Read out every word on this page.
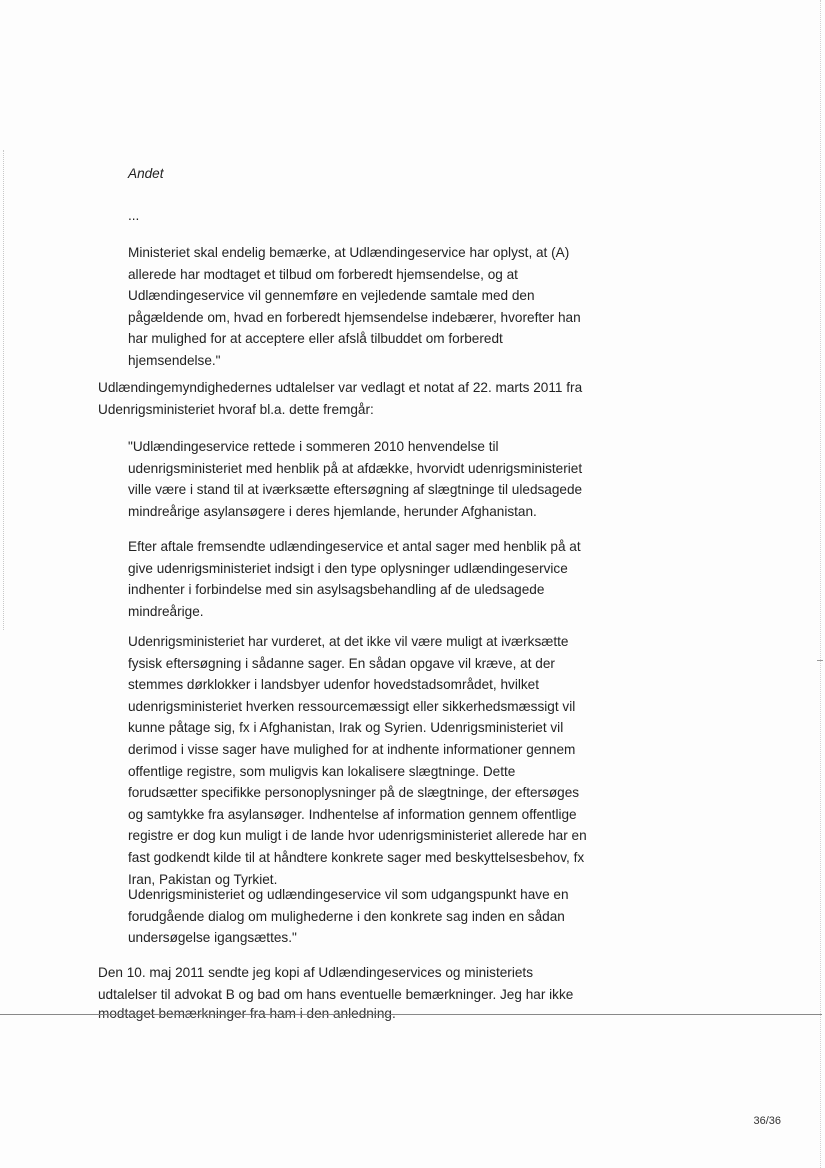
Andet

...

Ministeriet skal endelig bemærke, at Udlændingeservice har oplyst, at (A) allerede har modtaget et tilbud om forberedt hjemsendelse, og at Udlændingeservice vil gennemføre en vejledende samtale med den pågældende om, hvad en forberedt hjemsendelse indebærer, hvorefter han har mulighed for at acceptere eller afslå tilbuddet om forberedt hjemsendelse."

Udlændingemyndighedernes udtalelser var vedlagt et notat af 22. marts 2011 fra Udenrigsministeriet hvoraf bl.a. dette fremgår:

"Udlændingeservice rettede i sommeren 2010 henvendelse til udenrigsministeriet med henblik på at afdække, hvorvidt udenrigsministeriet ville være i stand til at iværksætte eftersøgning af slægtninge til uledsagede mindreårige asylansøgere i deres hjemlande, herunder Afghanistan.

Efter aftale fremsendte udlændingeservice et antal sager med henblik på at give udenrigsministeriet indsigt i den type oplysninger udlændingeservice indhenter i forbindelse med sin asylsagsbehandling af de uledsagede mindreårige.

Udenrigsministeriet har vurderet, at det ikke vil være muligt at iværksætte fysisk eftersøgning i sådanne sager. En sådan opgave vil kræve, at der stemmes dørklokker i landsbyer udenfor hovedstadsområdet, hvilket udenrigsministeriet hverken ressourcemæssigt eller sikkerhedsmæssigt vil kunne påtage sig, fx i Afghanistan, Irak og Syrien. Udenrigsministeriet vil derimod i visse sager have mulighed for at indhente informationer gennem offentlige registre, som muligvis kan lokalisere slægtninge. Dette forudsætter specifikke personoplysninger på de slægtninge, der eftersøges og samtykke fra asylansøger. Indhentelse af information gennem offentlige registre er dog kun muligt i de lande hvor udenrigsministeriet allerede har en fast godkendt kilde til at håndtere konkrete sager med beskyttelsesbehov, fx Iran, Pakistan og Tyrkiet.

Udenrigsministeriet og udlændingeservice vil som udgangspunkt have en forudgående dialog om mulighederne i den konkrete sag inden en sådan undersøgelse igangsættes."

Den 10. maj 2011 sendte jeg kopi af Udlændingeservices og ministeriets udtalelser til advokat B og bad om hans eventuelle bemærkninger. Jeg har ikke

modtaget bemærkninger fra ham i den anledning.
36/36
